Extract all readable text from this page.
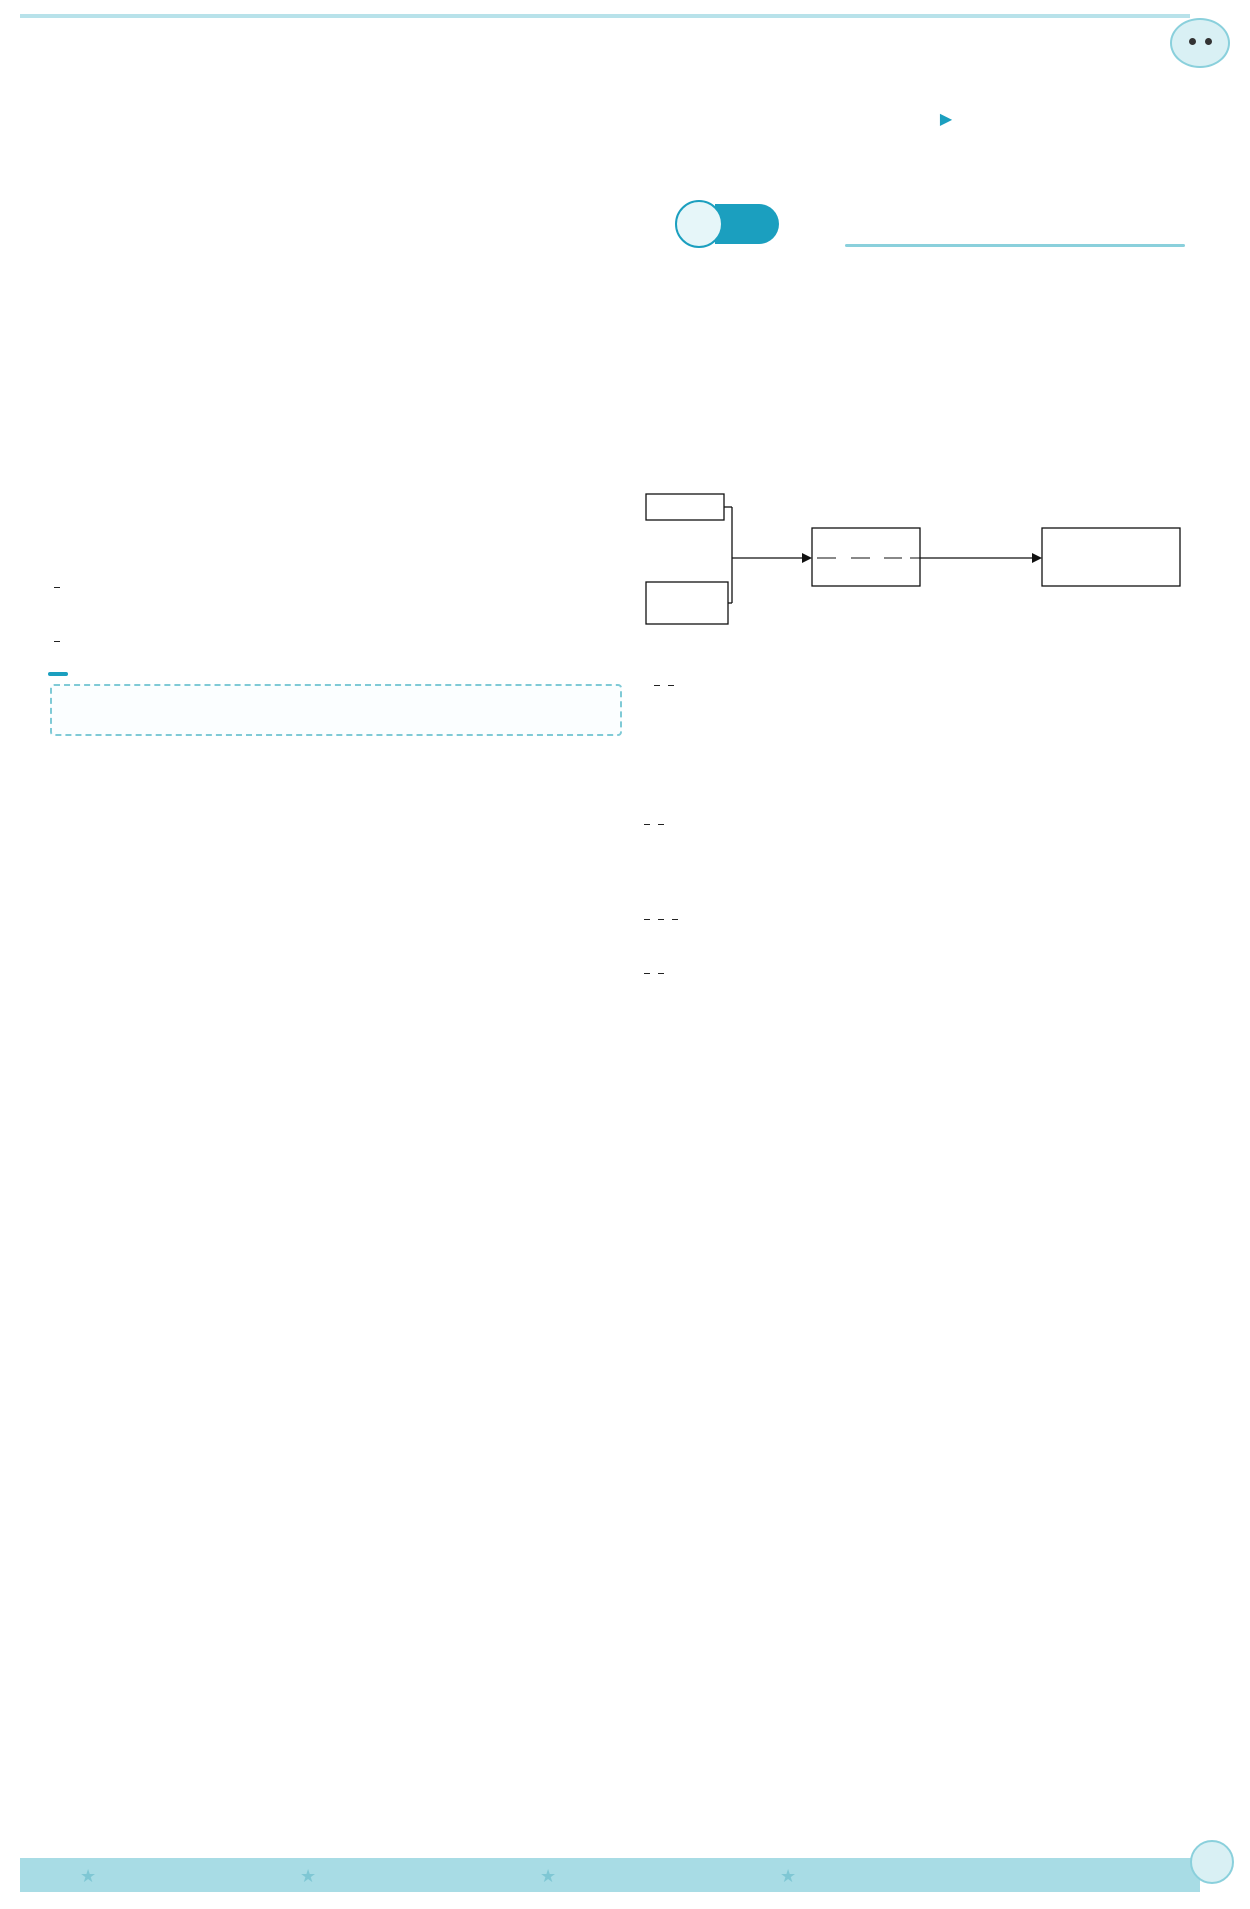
▶

★	★	★	★
